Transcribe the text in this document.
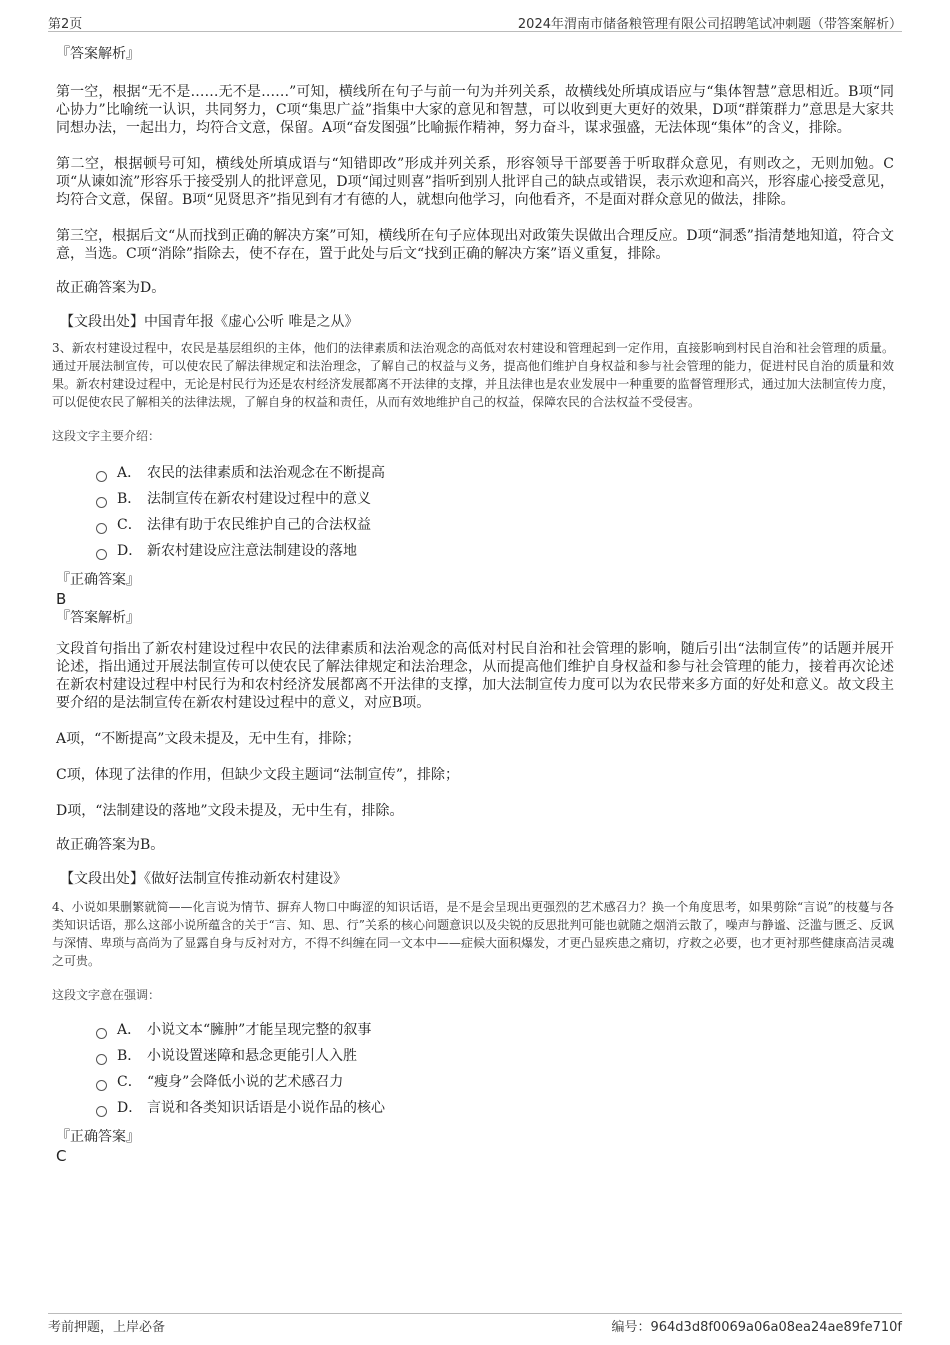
第2页	2024年渭南市储备粮管理有限公司招聘笔试冲刺题（带答案解析）

『答案解析』

第一空，根据“无不是……无不是……”可知，横线所在句子与前一句为并列关系，故横线处所填成语应与“集体智慧”意思相近。B项“同心协力”比喻统一认识，共同努力，C项“集思广益”指集中大家的意见和智慧，可以收到更大更好的效果，D项“群策群力”意思是大家共同想办法，一起出力，均符合文意，保留。A项“奋发图强”比喻振作精神，努力奋斗，谋求强盛，无法体现“集体”的含义，排除。

第二空，根据顿号可知，横线处所填成语与“知错即改”形成并列关系，形容领导干部要善于听取群众意见，有则改之，无则加勉。C项“从谏如流”形容乐于接受别人的批评意见，D项“闻过则喜”指听到别人批评自己的缺点或错误，表示欢迎和高兴，形容虚心接受意见，均符合文意，保留。B项“见贤思齐”指见到有才有德的人，就想向他学习，向他看齐，不是面对群众意见的做法，排除。

第三空，根据后文“从而找到正确的解决方案”可知，横线所在句子应体现出对政策失误做出合理反应。D项“洞悉”指清楚地知道，符合文意，当选。C项“消除”指除去，使不存在，置于此处与后文“找到正确的解决方案”语义重复，排除。

故正确答案为D。

【文段出处】中国青年报《虚心公听 唯是之从》

3、新农村建设过程中，农民是基层组织的主体，他们的法律素质和法治观念的高低对农村建设和管理起到一定作用，直接影响到村民自治和社会管理的质量。通过开展法制宣传，可以使农民了解法律规定和法治理念，了解自己的权益与义务，提高他们维护自身权益和参与社会管理的能力，促进村民自治的质量和效果。新农村建设过程中，无论是村民行为还是农村经济发展都离不开法律的支撑，并且法律也是农业发展中一种重要的监督管理形式，通过加大法制宣传力度，可以促使农民了解相关的法律法规，了解自身的权益和责任，从而有效地维护自己的权益，保障农民的合法权益不受侵害。

这段文字主要介绍：

A． 农民的法律素质和法治观念在不断提高
B． 法制宣传在新农村建设过程中的意义
C． 法律有助于农民维护自己的合法权益
D． 新农村建设应注意法制建设的落地

『正确答案』

B

『答案解析』

文段首句指出了新农村建设过程中农民的法律素质和法治观念的高低对村民自治和社会管理的影响，随后引出“法制宣传”的话题并展开论述，指出通过开展法制宣传可以使农民了解法律规定和法治理念，从而提高他们维护自身权益和参与社会管理的能力，接着再次论述在新农村建设过程中村民行为和农村经济发展都离不开法律的支撑，加大法制宣传力度可以为农民带来多方面的好处和意义。故文段主要介绍的是法制宣传在新农村建设过程中的意义，对应B项。

A项，“不断提高”文段未提及，无中生有，排除；

C项，体现了法律的作用，但缺少文段主题词“法制宣传”，排除；

D项，“法制建设的落地”文段未提及，无中生有，排除。

故正确答案为B。

【文段出处】《做好法制宣传推动新农村建设》

4、小说如果删繁就简——化言说为情节、摒弃人物口中晦涩的知识话语，是不是会呈现出更强烈的艺术感召力？换一个角度思考，如果剪除“言说”的枝蔓与各类知识话语，那么这部小说所蕴含的关于“言、知、思、行”关系的核心问题意识以及尖锐的反思批判可能也就随之烟消云散了，噪声与静谧、泛滥与匮乏、反讽与深情、卑琐与高尚为了显露自身与反衬对方，不得不纠缠在同一文本中——症候大面积爆发，才更凸显疾患之痛切，疗救之必要，也才更衬那些健康高洁灵魂之可贵。

这段文字意在强调：

A． 小说文本“臃肿”才能呈现完整的叙事
B． 小说设置迷障和悬念更能引人入胜
C． “瘦身”会降低小说的艺术感召力
D． 言说和各类知识话语是小说作品的核心

『正确答案』

C

考前押题，上岸必备	编号：964d3d8f0069a06a08ea24ae89fe710f
